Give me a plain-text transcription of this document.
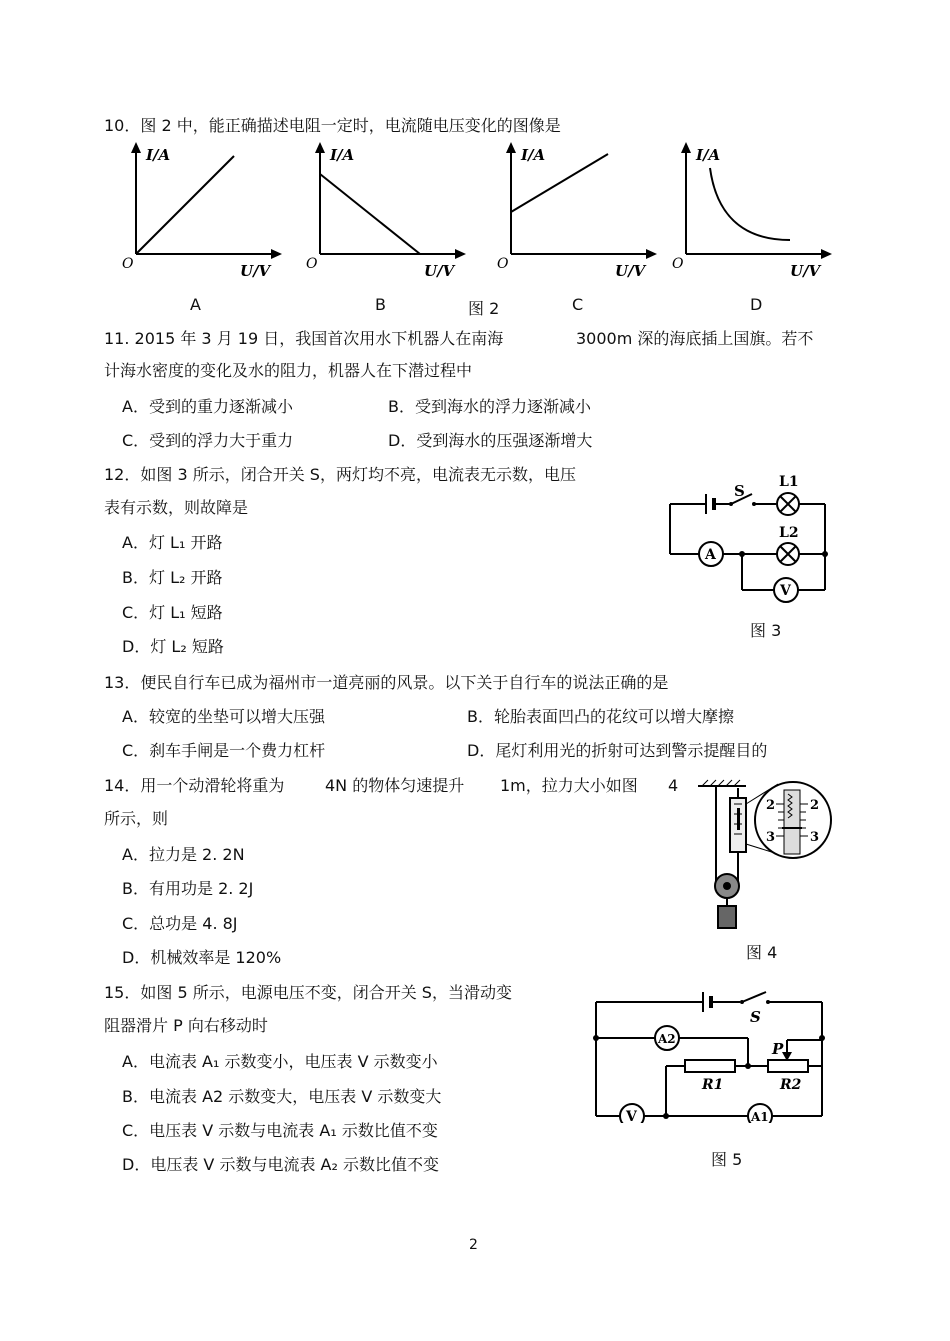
10．图 2 中，能正确描述电阻一定时，电流随电压变化的图像是
I/A
O	U/V
I/A
O	U/V
I/A
O	U/V
I/A
O	U/V
A	B	图 2	C	D
11. 2015 年 3 月 19 日，我国首次用水下机器人在南海	3000m 深的海底插上国旗。若不
计海水密度的变化及水的阻力，机器人在下潜过程中
A．受到的重力逐渐减小	B．受到海水的浮力逐渐减小
C．受到的浮力大于重力	D．受到海水的压强逐渐增大
12．如图 3 所示，闭合开关 S，两灯均不亮，电流表无示数，电压
表有示数，则故障是
A．灯 L₁ 开路
B．灯 L₂ 开路
C．灯 L₁ 短路
D．灯 L₂ 短路
S L1
L2
A
V
图 3
13．便民自行车已成为福州市一道亮丽的风景。以下关于自行车的说法正确的是
A．较宽的坐垫可以增大压强	B．轮胎表面凹凸的花纹可以增大摩擦
C．刹车手闸是一个费力杠杆	D．尾灯利用光的折射可达到警示提醒目的
14．用一个动滑轮将重为	4N 的物体匀速提升 1m，拉力大小如图 4
所示，则
A．拉力是 2. 2N
B．有用功是 2. 2J
C．总功是 4. 8J
D．机械效率是 120%
2	2
3	3
图 4
15．如图 5 所示，电源电压不变，闭合开关 S，当滑动变
阻器滑片 P 向右移动时
A．电流表 A₁ 示数变小，电压表 V 示数变小
B．电流表 A2 示数变大，电压表 V 示数变大
C．电压表 V 示数与电流表 A₁ 示数比值不变
D．电压表 V 示数与电流表 A₂ 示数比值不变
S
A2
P
R1	R2
V	A1
图 5
2
